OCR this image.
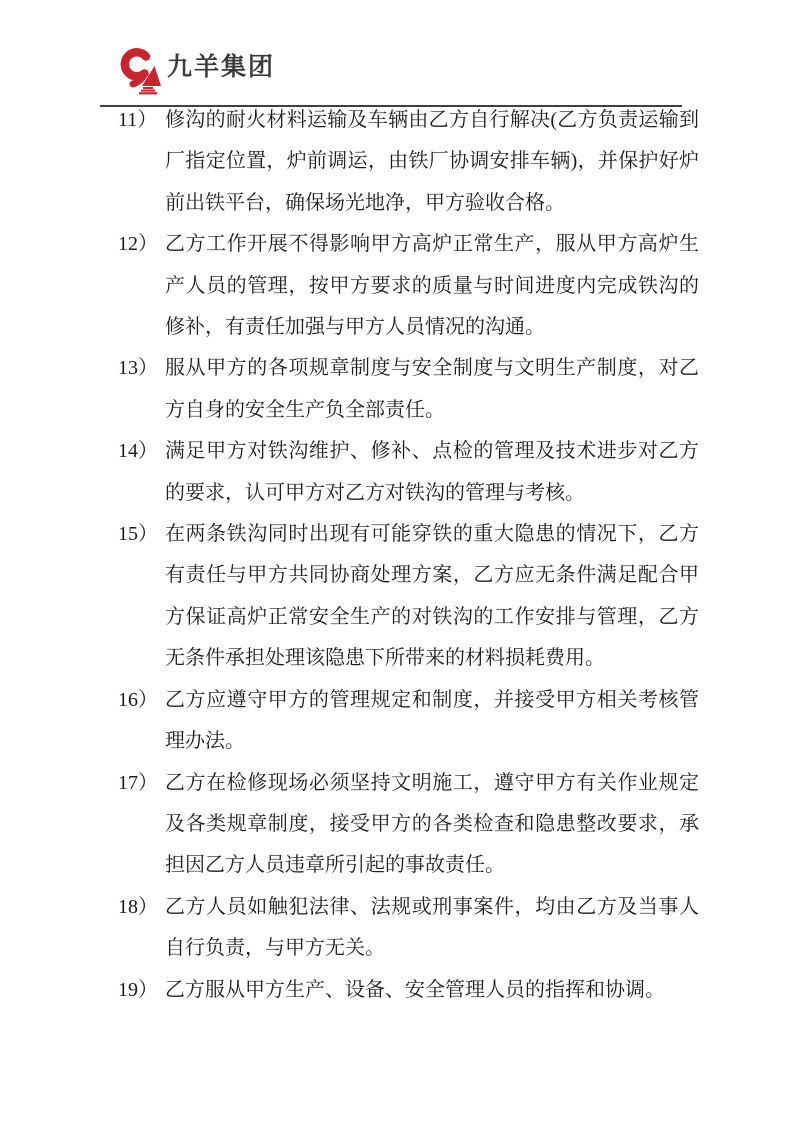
九羊集团
11） 修沟的耐火材料运输及车辆由乙方自行解决(乙方负责运输到厂指定位置，炉前调运，由铁厂协调安排车辆)，并保护好炉前出铁平台，确保场光地净，甲方验收合格。
12） 乙方工作开展不得影响甲方高炉正常生产，服从甲方高炉生产人员的管理，按甲方要求的质量与时间进度内完成铁沟的修补，有责任加强与甲方人员情况的沟通。
13） 服从甲方的各项规章制度与安全制度与文明生产制度，对乙方自身的安全生产负全部责任。
14） 满足甲方对铁沟维护、修补、点检的管理及技术进步对乙方的要求，认可甲方对乙方对铁沟的管理与考核。
15） 在两条铁沟同时出现有可能穿铁的重大隐患的情况下，乙方有责任与甲方共同协商处理方案，乙方应无条件满足配合甲方保证高炉正常安全生产的对铁沟的工作安排与管理，乙方无条件承担处理该隐患下所带来的材料损耗费用。
16） 乙方应遵守甲方的管理规定和制度，并接受甲方相关考核管理办法。
17） 乙方在检修现场必须坚持文明施工，遵守甲方有关作业规定及各类规章制度，接受甲方的各类检查和隐患整改要求，承担因乙方人员违章所引起的事故责任。
18） 乙方人员如触犯法律、法规或刑事案件，均由乙方及当事人自行负责，与甲方无关。
19） 乙方服从甲方生产、设备、安全管理人员的指挥和协调。
